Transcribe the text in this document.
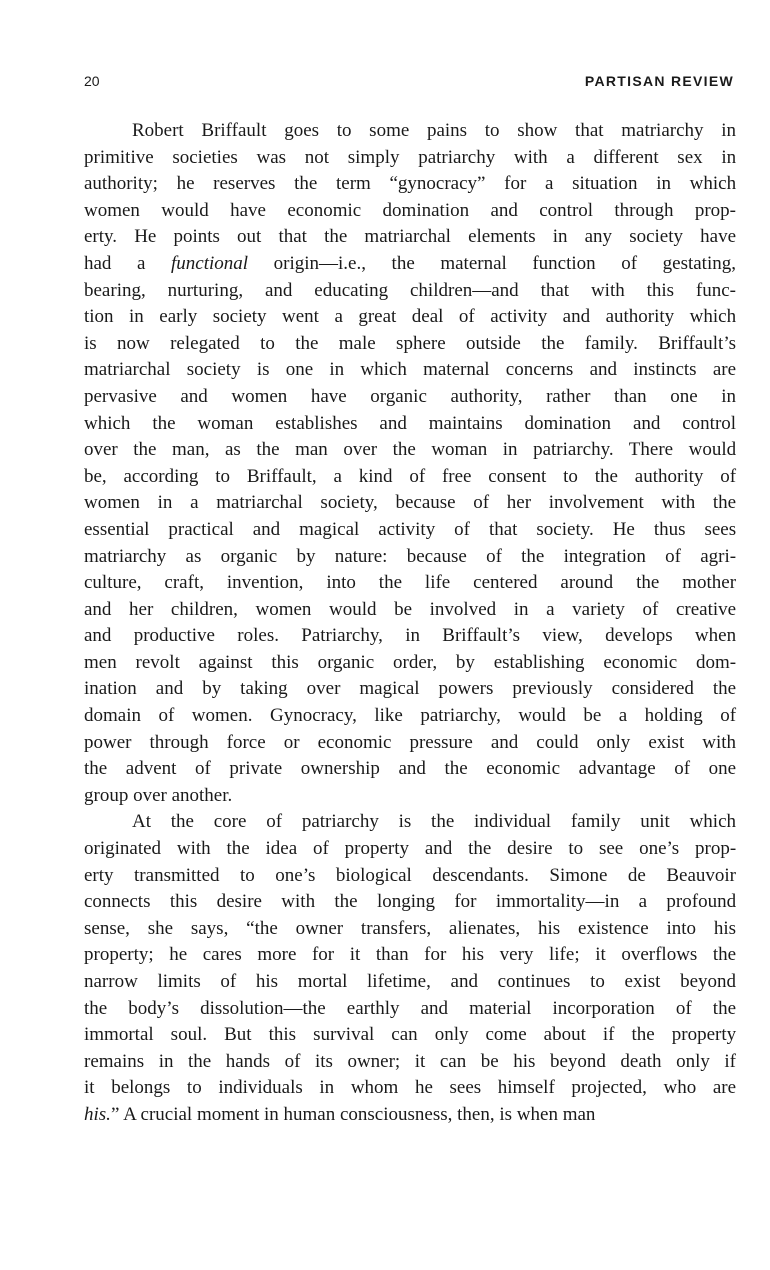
20	PARTISAN REVIEW
Robert Briffault goes to some pains to show that matriarchy in
primitive societies was not simply patriarchy with a different sex in
authority; he reserves the term “gynocracy” for a situation in which
women would have economic domination and control through prop-
erty. He points out that the matriarchal elements in any society have
had a functional origin—i.e., the maternal function of gestating,
bearing, nurturing, and educating children—and that with this func-
tion in early society went a great deal of activity and authority which
is now relegated to the male sphere outside the family. Briffault’s
matriarchal society is one in which maternal concerns and instincts are
pervasive and women have organic authority, rather than one in
which the woman establishes and maintains domination and control
over the man, as the man over the woman in patriarchy. There would
be, according to Briffault, a kind of free consent to the authority of
women in a matriarchal society, because of her involvement with the
essential practical and magical activity of that society. He thus sees
matriarchy as organic by nature: because of the integration of agri-
culture, craft, invention, into the life centered around the mother
and her children, women would be involved in a variety of creative
and productive roles. Patriarchy, in Briffault’s view, develops when
men revolt against this organic order, by establishing economic dom-
ination and by taking over magical powers previously considered the
domain of women. Gynocracy, like patriarchy, would be a holding of
power through force or economic pressure and could only exist with
the advent of private ownership and the economic advantage of one
group over another.
At the core of patriarchy is the individual family unit which
originated with the idea of property and the desire to see one’s prop-
erty transmitted to one’s biological descendants. Simone de Beauvoir
connects this desire with the longing for immortality—in a profound
sense, she says, “the owner transfers, alienates, his existence into his
property; he cares more for it than for his very life; it overflows the
narrow limits of his mortal lifetime, and continues to exist beyond
the body’s dissolution—the earthly and material incorporation of the
immortal soul. But this survival can only come about if the property
remains in the hands of its owner; it can be his beyond death only if
it belongs to individuals in whom he sees himself projected, who are
his.” A crucial moment in human consciousness, then, is when man
